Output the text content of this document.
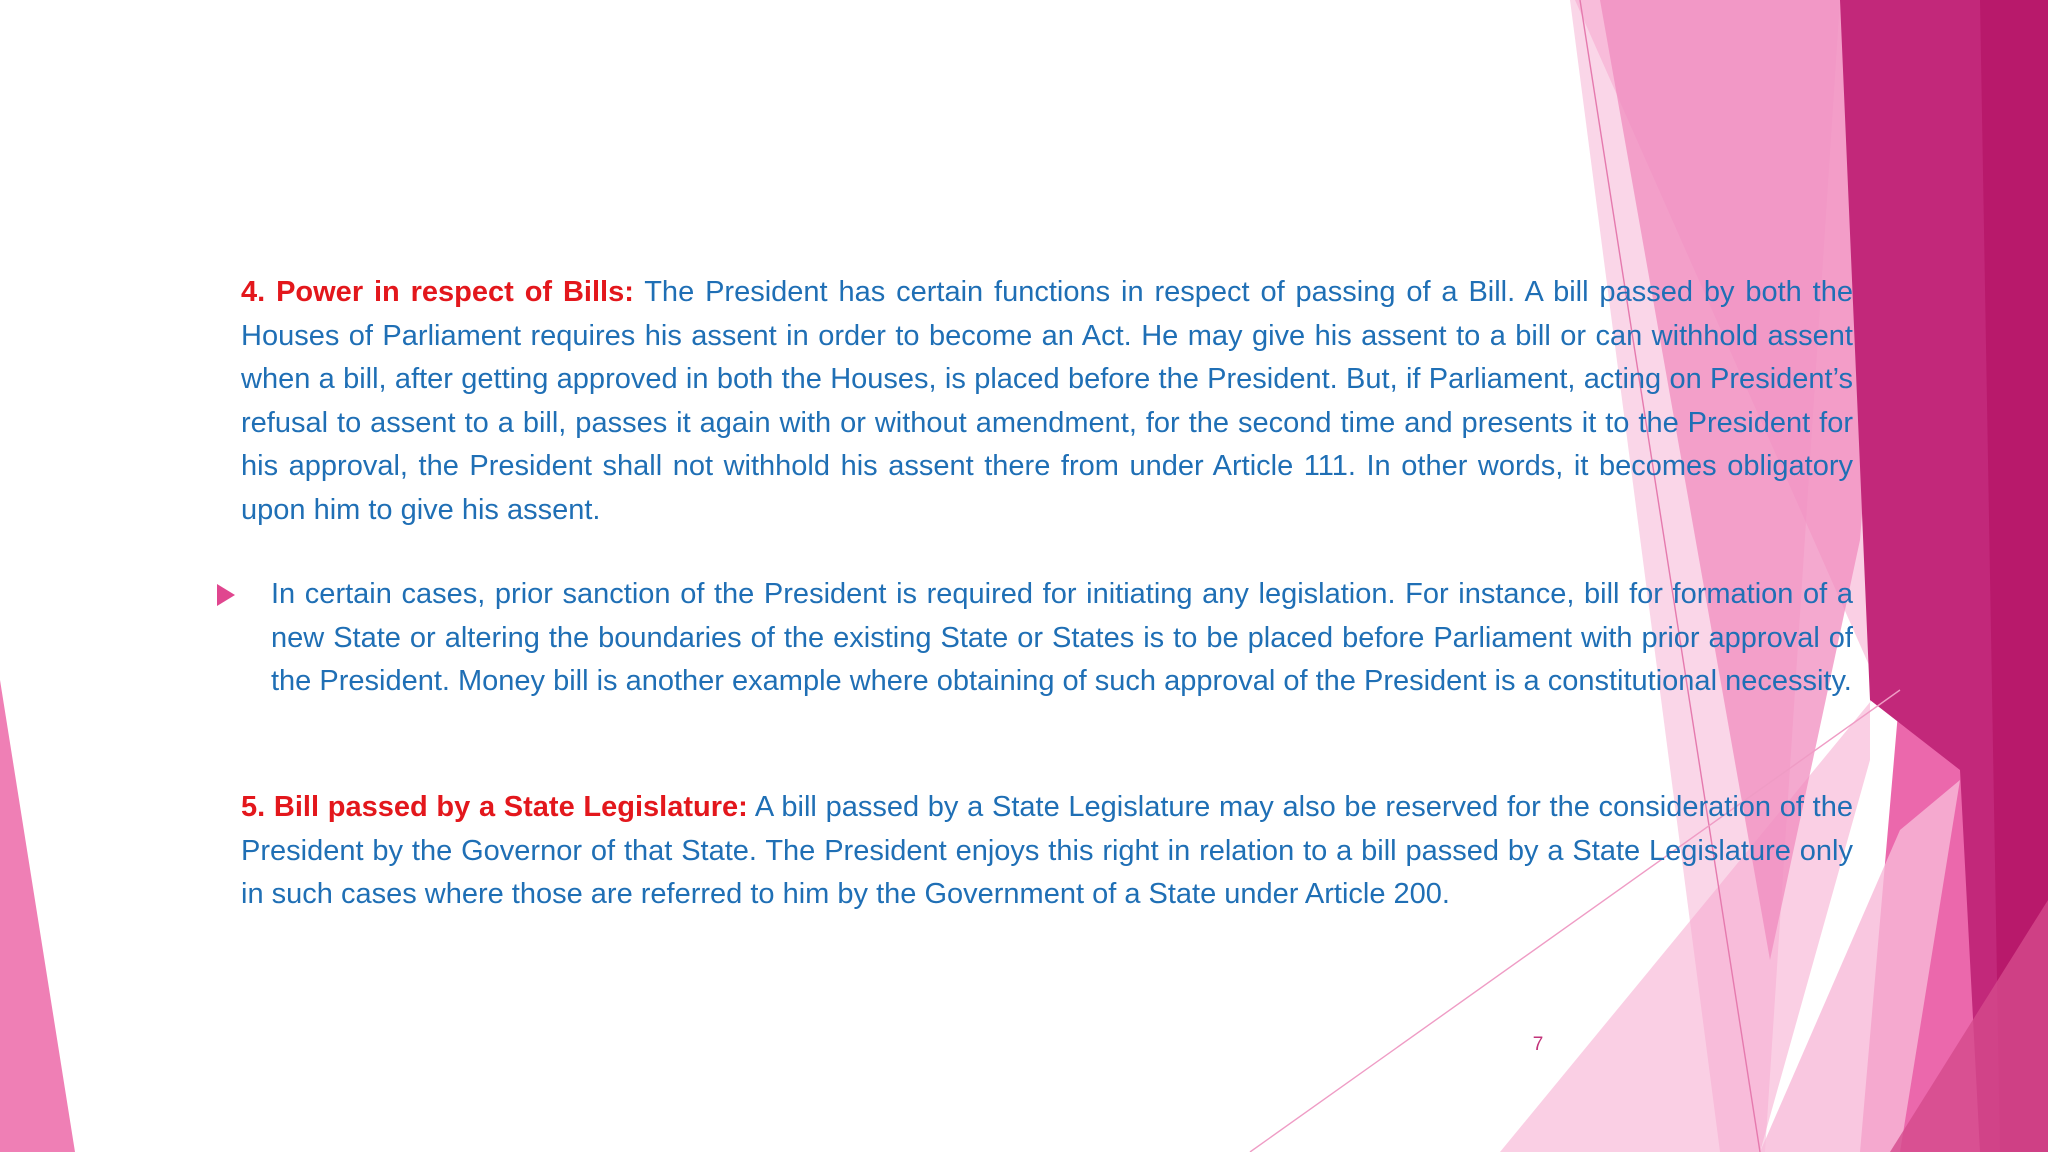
4. Power in respect of Bills: The President has certain functions in respect of passing of a Bill. A bill passed by both the Houses of Parliament requires his assent in order to become an Act. He may give his assent to a bill or can withhold assent when a bill, after getting approved in both the Houses, is placed before the President. But, if Parliament, acting on President’s refusal to assent to a bill, passes it again with or without amendment, for the second time and presents it to the President for his approval, the President shall not withhold his assent there from under Article 111. In other words, it becomes obligatory upon him to give his assent.

In certain cases, prior sanction of the President is required for initiating any legislation. For instance, bill for formation of a new State or altering the boundaries of the existing State or States is to be placed before Parliament with prior approval of the President. Money bill is another example where obtaining of such approval of the President is a constitutional necessity.

5. Bill passed by a State Legislature: A bill passed by a State Legislature may also be reserved for the consideration of the President by the Governor of that State. The President enjoys this right in relation to a bill passed by a State Legislature only in such cases where those are referred to him by the Government of a State under Article 200.

7
